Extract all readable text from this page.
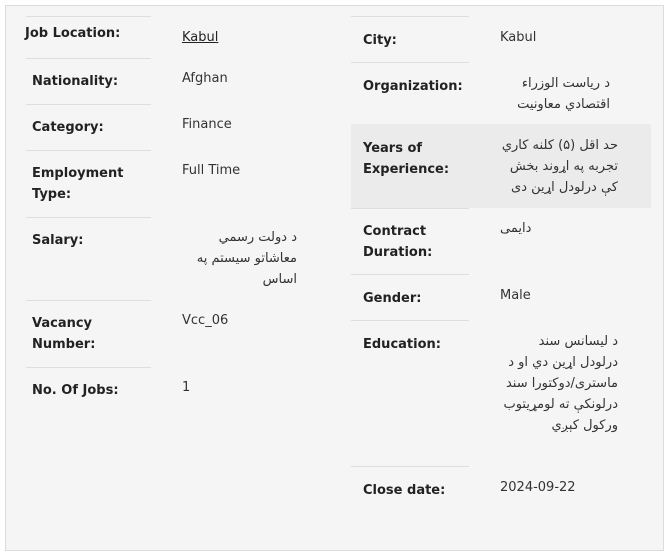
Job Location:	Kabul
Nationality:	Afghan
Category:	Finance
Employment Type:
Full Time
Salary:	د دولت رسمي معاشاتو سیستم په اساس
Vacancy Number:
Vcc_06
No. Of Jobs:	1
City:	Kabul
Organization:	د ریاست الوزراء اقتصادي معاونیت
Years of Experience:
حد اقل (۵) کلنه کاري تجربه په اړوند بخش کې درلودل اړین دی
Contract Duration:
دایمی
Gender:	Male
Education:	د لیسانس سند درلودل اړین دي او د ماستری/دوکتورا سند درلونکې ته لومړیتوب ورکول کېږي
Close date:	2024-09-22
